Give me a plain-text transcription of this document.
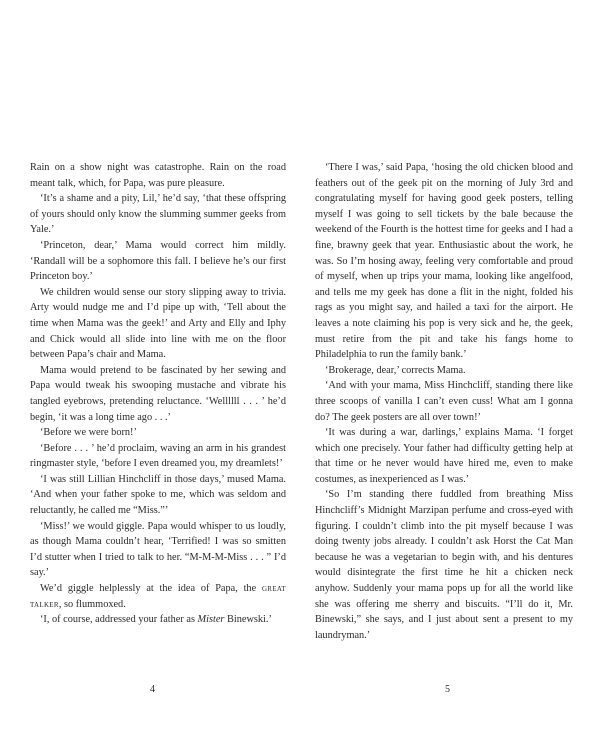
Rain on a show night was catastrophe. Rain on the road meant talk, which, for Papa, was pure pleasure.

‘It’s a shame and a pity, Lil,’ he’d say, ‘that these offspring of yours should only know the slumming summer geeks from Yale.’

‘Princeton, dear,’ Mama would correct him mildly. ‘Randall will be a sophomore this fall. I believe he’s our first Princeton boy.’

We children would sense our story slipping away to trivia. Arty would nudge me and I’d pipe up with, ‘Tell about the time when Mama was the geek!’ and Arty and Elly and Iphy and Chick would all slide into line with me on the floor between Papa’s chair and Mama.

Mama would pretend to be fascinated by her sewing and Papa would tweak his swooping mustache and vibrate his tangled eyebrows, pretending reluctance. ‘Wellllll . . . ’ he’d begin, ‘it was a long time ago . . .’

‘Before we were born!’

‘Before . . . ’ he’d proclaim, waving an arm in his grandest ringmaster style, ‘before I even dreamed you, my dreamlets!’

‘I was still Lillian Hinchcliff in those days,’ mused Mama. ‘And when your father spoke to me, which was seldom and reluctantly, he called me “Miss.”’

‘Miss!’ we would giggle. Papa would whisper to us loudly, as though Mama couldn’t hear, ‘Terrified! I was so smitten I’d stutter when I tried to talk to her. “M-M-M-Miss . . . ” I’d say.’

We’d giggle helplessly at the idea of Papa, the great talker, so flummoxed.

‘I, of course, addressed your father as Mister Binewski.’

4

‘There I was,’ said Papa, ‘hosing the old chicken blood and feathers out of the geek pit on the morning of July 3rd and congratulating myself for having good geek posters, telling myself I was going to sell tickets by the bale because the weekend of the Fourth is the hottest time for geeks and I had a fine, brawny geek that year. Enthusiastic about the work, he was. So I’m hosing away, feeling very comfortable and proud of myself, when up trips your mama, looking like angelfood, and tells me my geek has done a flit in the night, folded his rags as you might say, and hailed a taxi for the airport. He leaves a note claiming his pop is very sick and he, the geek, must retire from the pit and take his fangs home to Philadelphia to run the family bank.’

‘Brokerage, dear,’ corrects Mama.

‘And with your mama, Miss Hinchcliff, standing there like three scoops of vanilla I can’t even cuss! What am I gonna do? The geek posters are all over town!’

‘It was during a war, darlings,’ explains Mama. ‘I forget which one precisely. Your father had difficulty getting help at that time or he never would have hired me, even to make costumes, as inexperienced as I was.’

‘So I’m standing there fuddled from breathing Miss Hinchcliff’s Midnight Marzipan perfume and cross-eyed with figuring. I couldn’t climb into the pit myself because I was doing twenty jobs already. I couldn’t ask Horst the Cat Man because he was a vegetarian to begin with, and his dentures would disintegrate the first time he hit a chicken neck anyhow. Suddenly your mama pops up for all the world like she was offering me sherry and biscuits. “I’ll do it, Mr. Binewski,” she says, and I just about sent a present to my laundryman.’

5
